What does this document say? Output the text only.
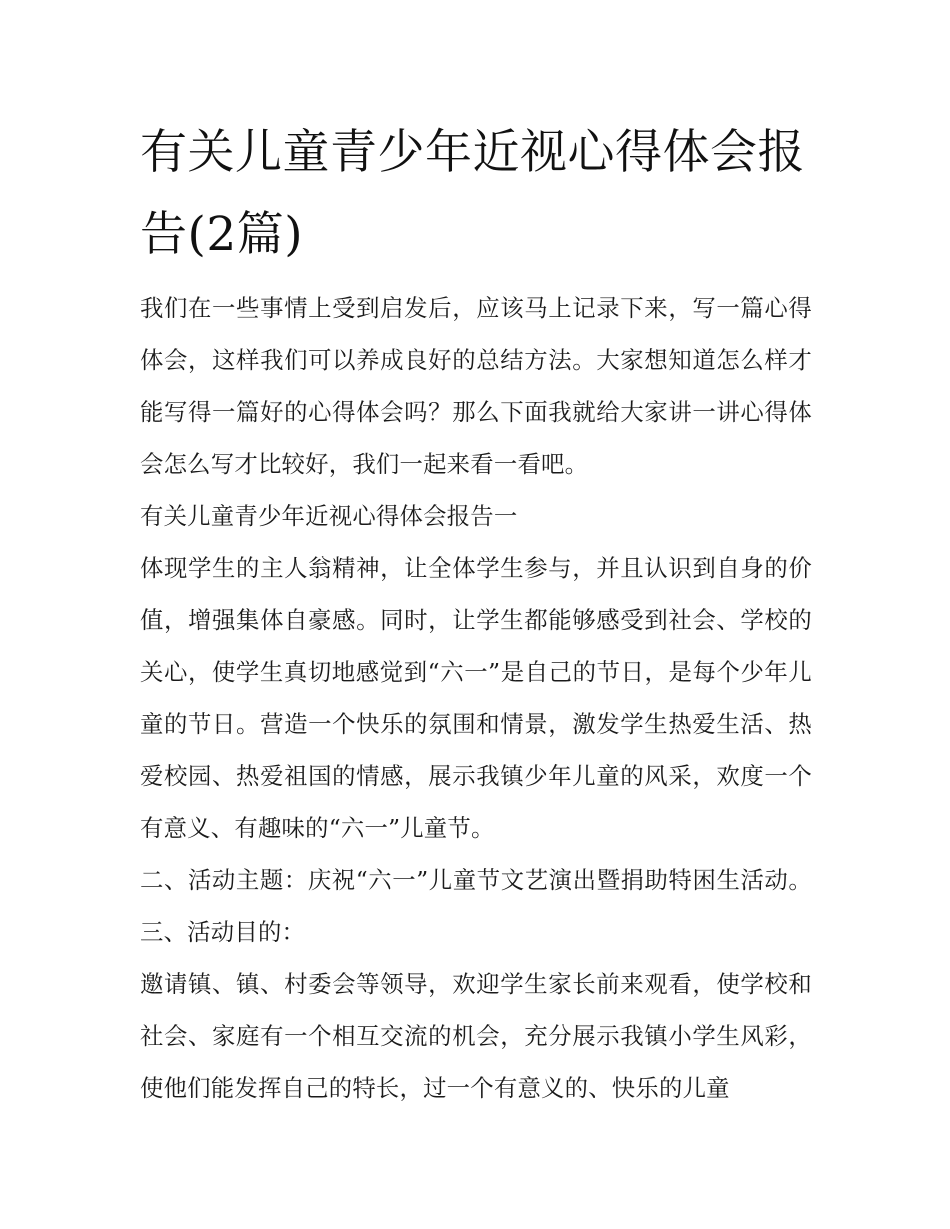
有关儿童青少年近视心得体会报告(2篇)

我们在一些事情上受到启发后，应该马上记录下来，写一篇心得体会，这样我们可以养成良好的总结方法。大家想知道怎么样才能写得一篇好的心得体会吗？那么下面我就给大家讲一讲心得体会怎么写才比较好，我们一起来看一看吧。

有关儿童青少年近视心得体会报告一

体现学生的主人翁精神，让全体学生参与，并且认识到自身的价值，增强集体自豪感。同时，让学生都能够感受到社会、学校的关心，使学生真切地感觉到“六一”是自己的节日，是每个少年儿童的节日。营造一个快乐的氛围和情景，激发学生热爱生活、热爱校园、热爱祖国的情感，展示我镇少年儿童的风采，欢度一个有意义、有趣味的“六一”儿童节。

二、活动主题：庆祝“六一”儿童节文艺演出暨捐助特困生活动。 三、活动目的：

邀请镇、镇、村委会等领导，欢迎学生家长前来观看，使学校和社会、家庭有一个相互交流的机会，充分展示我镇小学生风彩，使他们能发挥自己的特长，过一个有意义的、快乐的儿童
